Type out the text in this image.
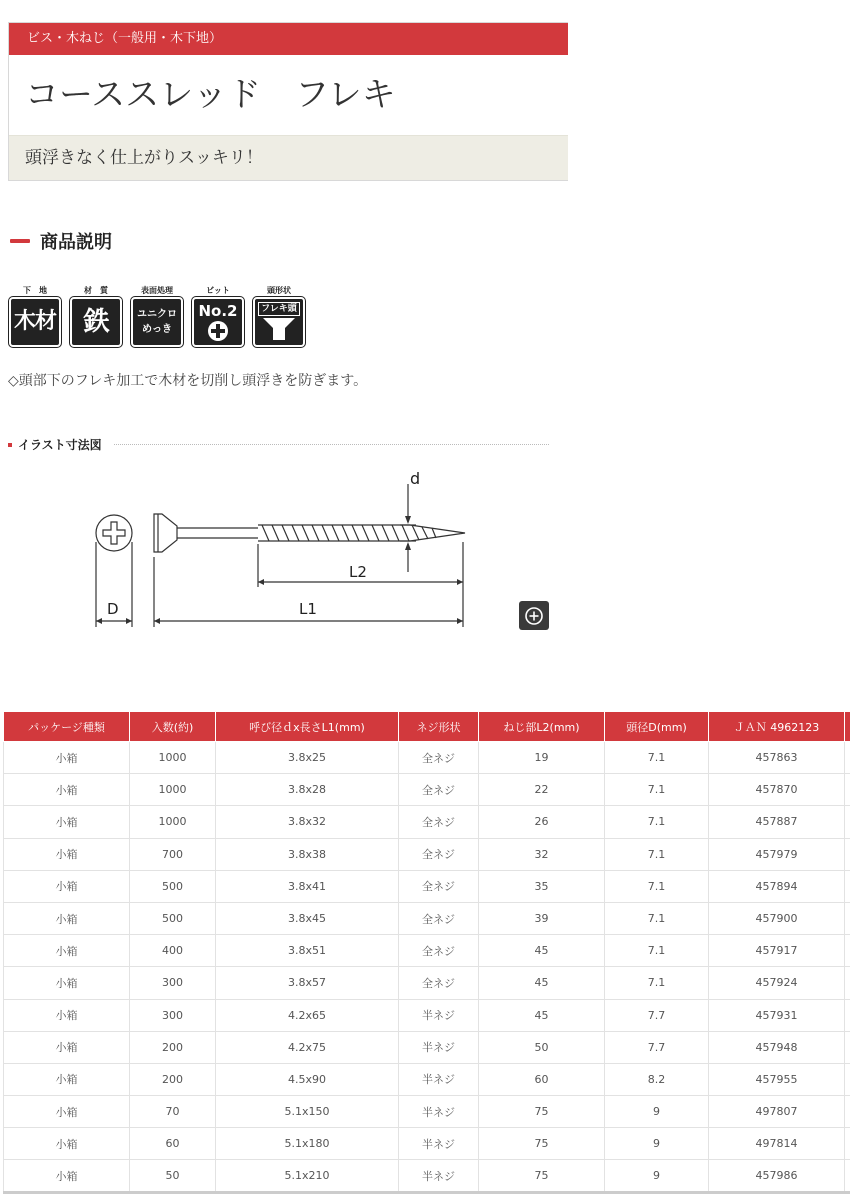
ビス・木ねじ（一般用・木下地）
コーススレッド　フレキ
頭浮きなく仕上がりスッキリ！
商品説明
下　地
木材
材　質
鉄
表面処理
ユニクロ
めっき
ビット
No.2
頭形状
フレキ頭

◇頭部下のフレキ加工で木材を切削し頭浮きを防ぎます。

イラスト寸法図
d
D
L2
L1
パッケージ種類	入数(約)	呼び径ｄx長さL1(mm)	ネジ形状	ねじ部L2(mm)	頭径D(mm)	ＪＡＮ 4962123	
小箱	1000	3.8x25	全ネジ	19	7.1	457863	
小箱	1000	3.8x28	全ネジ	22	7.1	457870	
小箱	1000	3.8x32	全ネジ	26	7.1	457887	
小箱	700	3.8x38	全ネジ	32	7.1	457979	
小箱	500	3.8x41	全ネジ	35	7.1	457894	
小箱	500	3.8x45	全ネジ	39	7.1	457900	
小箱	400	3.8x51	全ネジ	45	7.1	457917	
小箱	300	3.8x57	全ネジ	45	7.1	457924	
小箱	300	4.2x65	半ネジ	45	7.7	457931	
小箱	200	4.2x75	半ネジ	50	7.7	457948	
小箱	200	4.5x90	半ネジ	60	8.2	457955	
小箱	70	5.1x150	半ネジ	75	9	497807	
小箱	60	5.1x180	半ネジ	75	9	497814	
小箱	50	5.1x210	半ネジ	75	9	457986	
